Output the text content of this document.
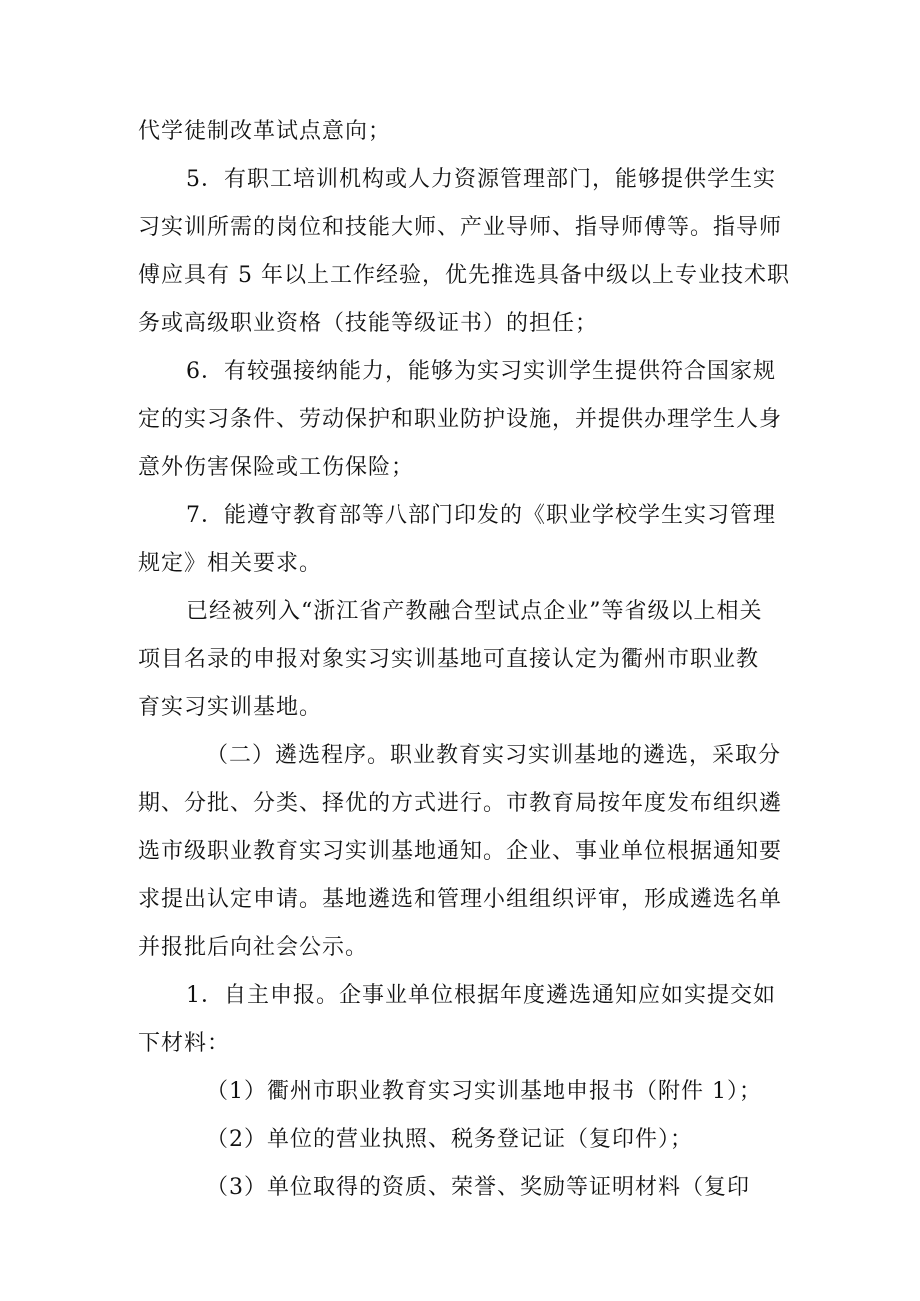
代学徒制改革试点意向；
5．有职工培训机构或人力资源管理部门，能够提供学生实
习实训所需的岗位和技能大师、产业导师、指导师傅等。指导师
傅应具有 5 年以上工作经验，优先推选具备中级以上专业技术职
务或高级职业资格（技能等级证书）的担任；
6．有较强接纳能力，能够为实习实训学生提供符合国家规
定的实习条件、劳动保护和职业防护设施，并提供办理学生人身
意外伤害保险或工伤保险；
7．能遵守教育部等八部门印发的《职业学校学生实习管理
规定》相关要求。
已经被列入“浙江省产教融合型试点企业”等省级以上相关
项目名录的申报对象实习实训基地可直接认定为衢州市职业教
育实习实训基地。
（二）遴选程序。职业教育实习实训基地的遴选，采取分
期、分批、分类、择优的方式进行。市教育局按年度发布组织遴
选市级职业教育实习实训基地通知。企业、事业单位根据通知要
求提出认定申请。基地遴选和管理小组组织评审，形成遴选名单
并报批后向社会公示。
1．自主申报。企事业单位根据年度遴选通知应如实提交如
下材料：
（1）衢州市职业教育实习实训基地申报书（附件 1）；
（2）单位的营业执照、税务登记证（复印件）；
（3）单位取得的资质、荣誉、奖励等证明材料（复印
